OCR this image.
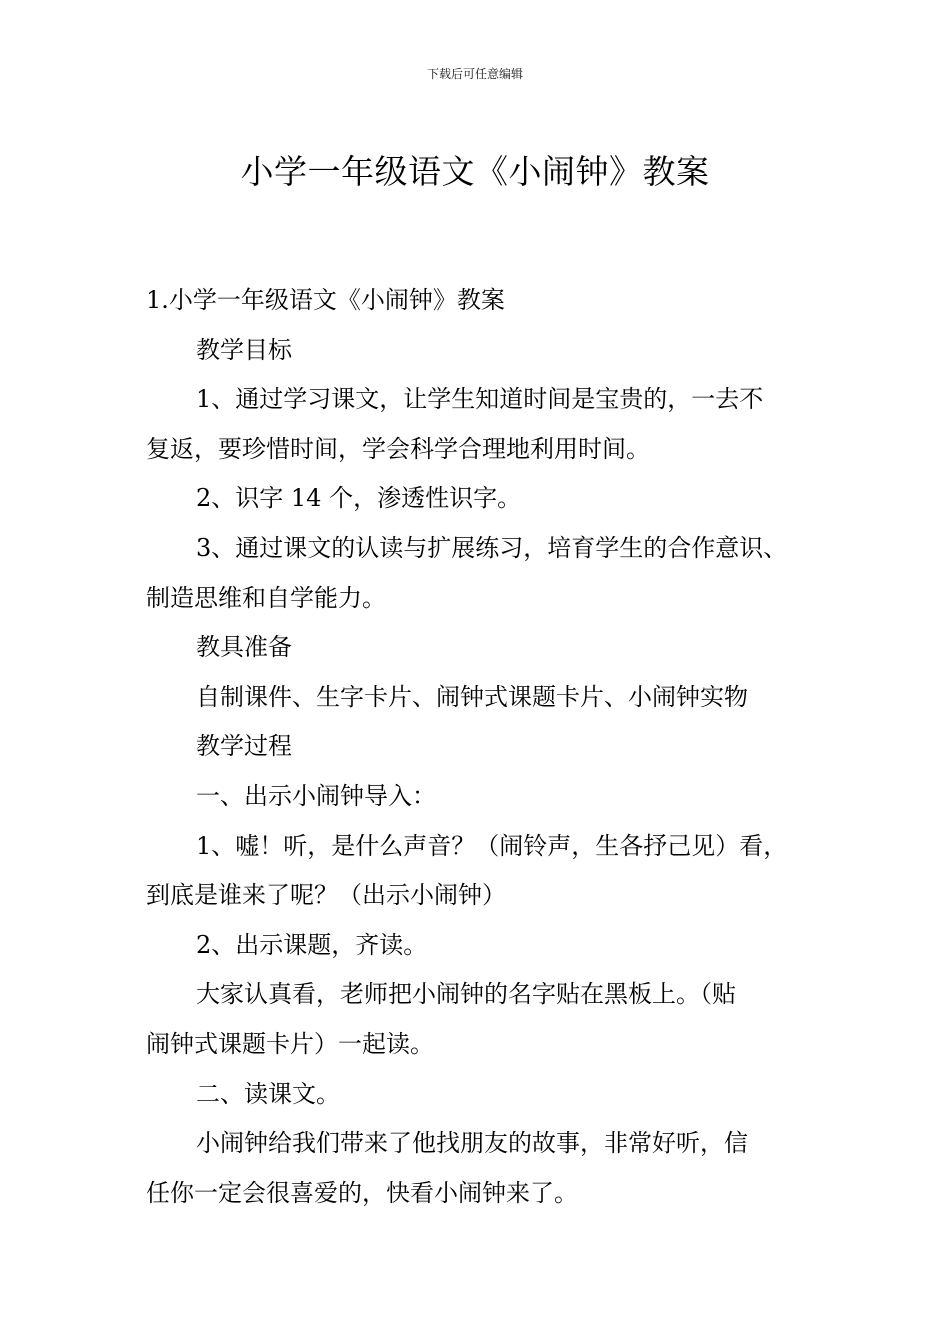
下载后可任意编辑
小学一年级语文《小闹钟》教案

1.小学一年级语文《小闹钟》教案

教学目标

1、通过学习课文，让学生知道时间是宝贵的，一去不

复返，要珍惜时间，学会科学合理地利用时间。

2、识字 14 个，渗透性识字。

3、通过课文的认读与扩展练习，培育学生的合作意识、

制造思维和自学能力。

教具准备

自制课件、生字卡片、闹钟式课题卡片、小闹钟实物

教学过程

一、出示小闹钟导入：

1、嘘！听，是什么声音？（闹铃声，生各抒己见）看，

到底是谁来了呢？（出示小闹钟）

2、出示课题，齐读。

大家认真看，老师把小闹钟的名字贴在黑板上。（贴

闹钟式课题卡片）一起读。

二、读课文。

小闹钟给我们带来了他找朋友的故事，非常好听，信

任你一定会很喜爱的，快看小闹钟来了。
